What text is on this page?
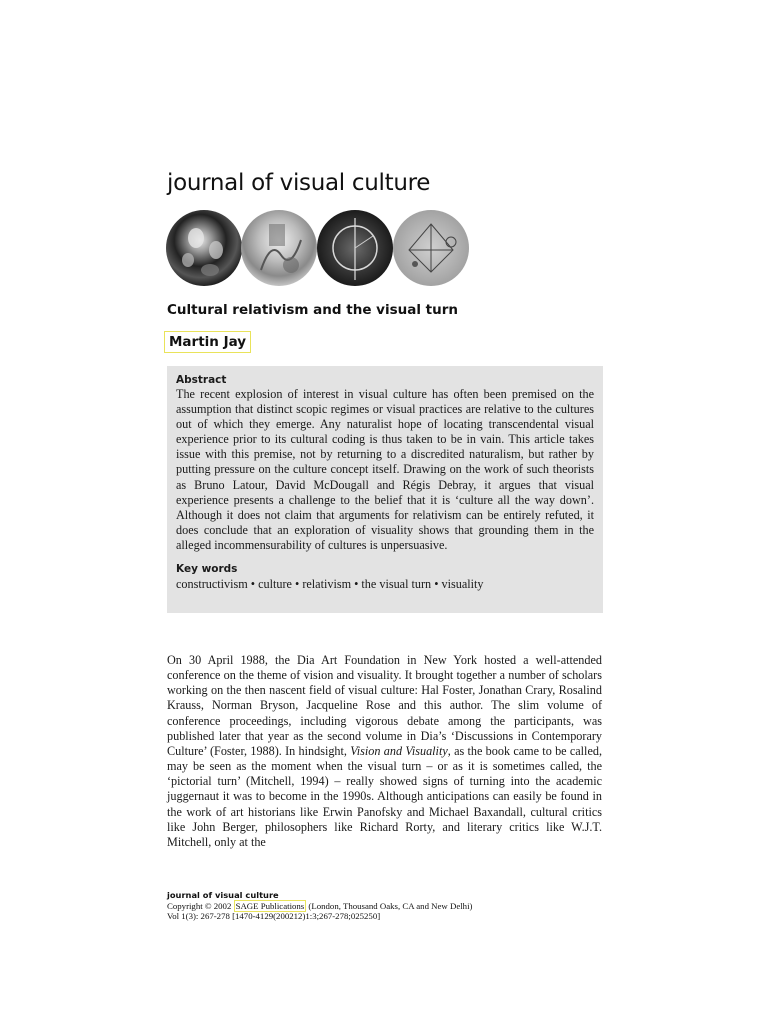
journal of visual culture
Cultural relativism and the visual turn
Martin Jay

Abstract

The recent explosion of interest in visual culture has often been premised on the assumption that distinct scopic regimes or visual practices are relative to the cultures out of which they emerge. Any naturalist hope of locating transcendental visual experience prior to its cultural coding is thus taken to be in vain. This article takes issue with this premise, not by returning to a discredited naturalism, but rather by putting pressure on the culture concept itself. Drawing on the work of such theorists as Bruno Latour, David McDougall and Régis Debray, it argues that visual experience presents a challenge to the belief that it is ‘culture all the way down’. Although it does not claim that arguments for relativism can be entirely refuted, it does conclude that an exploration of visuality shows that grounding them in the alleged incommensurability of cultures is unpersuasive.

Key words

constructivism • culture • relativism • the visual turn • visuality

On 30 April 1988, the Dia Art Foundation in New York hosted a well-attended conference on the theme of vision and visuality. It brought together a number of scholars working on the then nascent field of visual culture: Hal Foster, Jonathan Crary, Rosalind Krauss, Norman Bryson, Jacqueline Rose and this author. The slim volume of conference proceedings, including vigorous debate among the participants, was published later that year as the second volume in Dia’s ‘Discussions in Contemporary Culture’ (Foster, 1988). In hindsight, Vision and Visuality, as the book came to be called, may be seen as the moment when the visual turn – or as it is sometimes called, the ‘pictorial turn’ (Mitchell, 1994) – really showed signs of turning into the academic juggernaut it was to become in the 1990s. Although anticipations can easily be found in the work of art historians like Erwin Panofsky and Michael Baxandall, cultural critics like John Berger, philosophers like Richard Rorty, and literary critics like W.J.T. Mitchell, only at the

journal of visual culture
Copyright © 2002 SAGE Publications (London, Thousand Oaks, CA and New Delhi)
Vol 1(3): 267-278 [1470-4129(200212)1:3;267-278;025250]
